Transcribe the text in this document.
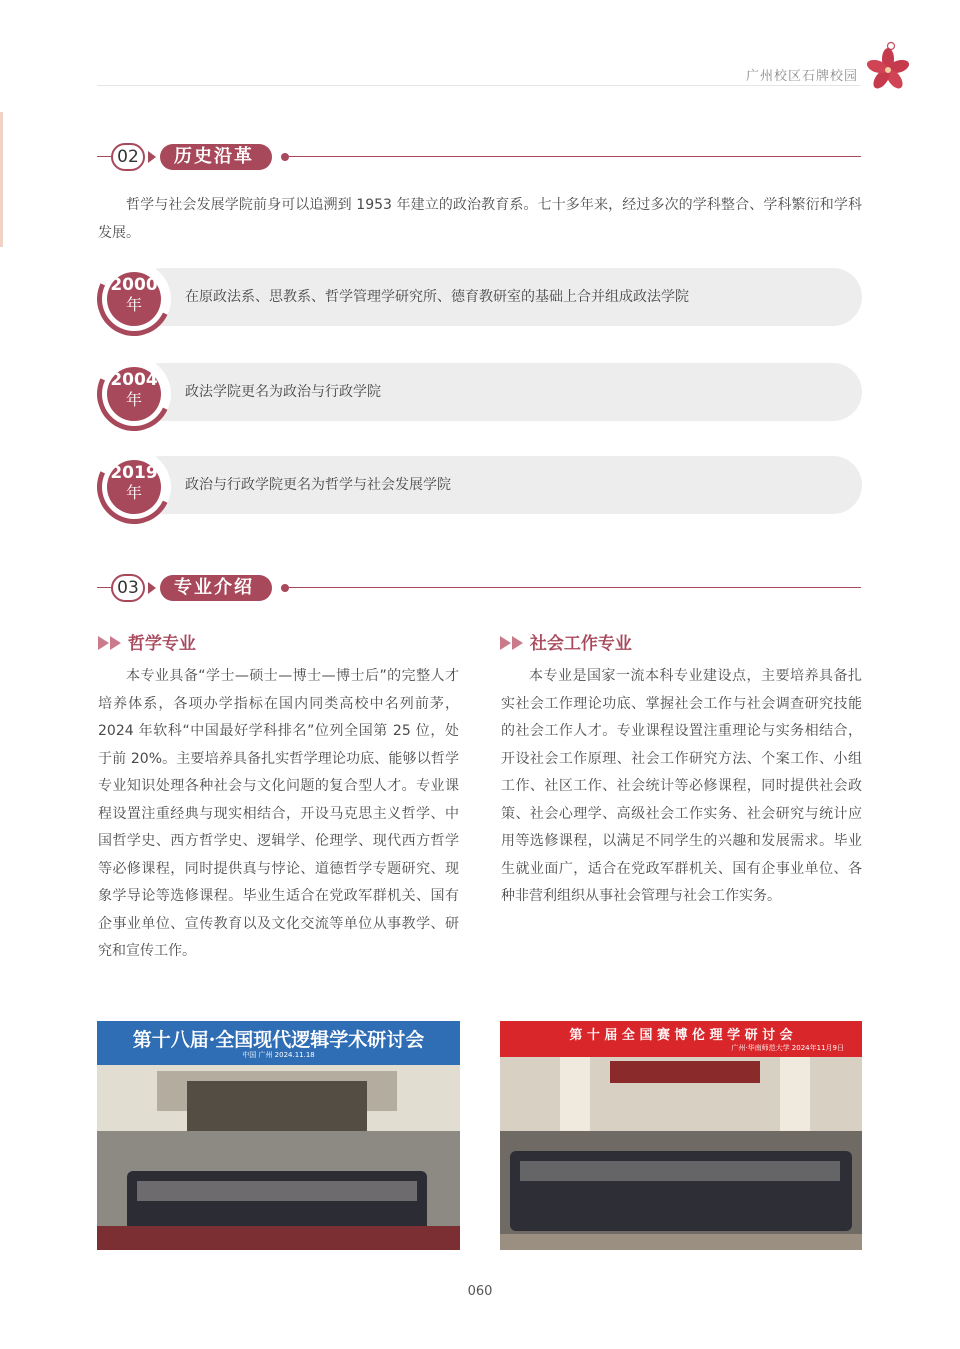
广州校区石牌校园
02	历史沿革

哲学与社会发展学院前身可以追溯到 1953 年建立的政治教育系。七十多年来，经过多次的学科整合、学科繁衍和学科发展。

2000
年	在原政法系、思教系、哲学管理学研究所、德育教研室的基础上合并组成政法学院
2004
年	政法学院更名为政治与行政学院
2019
年	政治与行政学院更名为哲学与社会发展学院
03	专业介绍
哲学专业

本专业具备“学士—硕士—博士—博士后”的完整人才培养体系，各项办学指标在国内同类高校中名列前茅，2024 年软科“中国最好学科排名”位列全国第 25 位，处于前 20%。主要培养具备扎实哲学理论功底、能够以哲学专业知识处理各种社会与文化问题的复合型人才。专业课程设置注重经典与现实相结合，开设马克思主义哲学、中国哲学史、西方哲学史、逻辑学、伦理学、现代西方哲学等必修课程，同时提供真与悖论、道德哲学专题研究、现象学导论等选修课程。毕业生适合在党政军群机关、国有企事业单位、宣传教育以及文化交流等单位从事教学、研究和宣传工作。

社会工作专业

本专业是国家一流本科专业建设点，主要培养具备扎实社会工作理论功底、掌握社会工作与社会调查研究技能的社会工作人才。专业课程设置注重理论与实务相结合，开设社会工作原理、社会工作研究方法、个案工作、小组工作、社区工作、社会统计等必修课程，同时提供社会政策、社会心理学、高级社会工作实务、社会研究与统计应用等选修课程，以满足不同学生的兴趣和发展需求。毕业生就业面广，适合在党政军群机关、国有企事业单位、各种非营利组织从事社会管理与社会工作实务。

第十八届·全国现代逻辑学术研讨会
中国 广州 2024.11.18
第 十 届 全 国 赛 博 伦 理 学 研 讨 会
广州·华南师范大学 2024年11月9日
060
